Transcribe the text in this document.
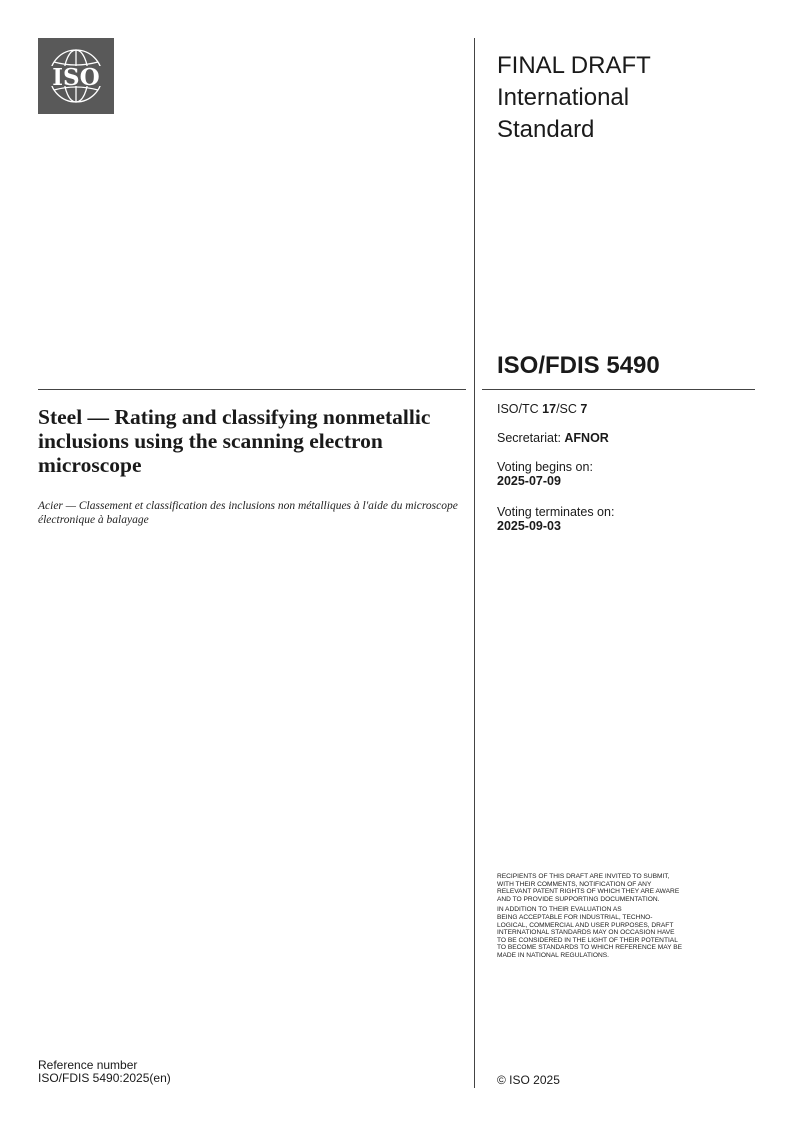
ISO	FINAL DRAFT
International
Standard
ISO/FDIS 5490
Steel — Rating and classifying nonmetallic inclusions using the scanning electron microscope
Acier — Classement et classification des inclusions non métalliques à l'aide du microscope électronique à balayage
ISO/TC 17/SC 7
Secretariat: AFNOR
Voting begins on:
2025-07-09
Voting terminates on:
2025-09-03

RECIPIENTS OF THIS DRAFT ARE INVITED TO SUBMIT,
WITH THEIR COMMENTS, NOTIFICATION OF ANY
RELEVANT PATENT RIGHTS OF WHICH THEY ARE AWARE
AND TO PROVIDE SUPPORTING DOCUMENTATION.

IN ADDITION TO THEIR EVALUATION AS
BEING ACCEPTABLE FOR INDUSTRIAL, TECHNO-
LOGICAL, COMMERCIAL AND USER PURPOSES, DRAFT
INTERNATIONAL STANDARDS MAY ON OCCASION HAVE
TO BE CONSIDERED IN THE LIGHT OF THEIR POTENTIAL
TO BECOME STANDARDS TO WHICH REFERENCE MAY BE
MADE IN NATIONAL REGULATIONS.

Reference number
ISO/FDIS 5490:2025(en)	© ISO 2025
